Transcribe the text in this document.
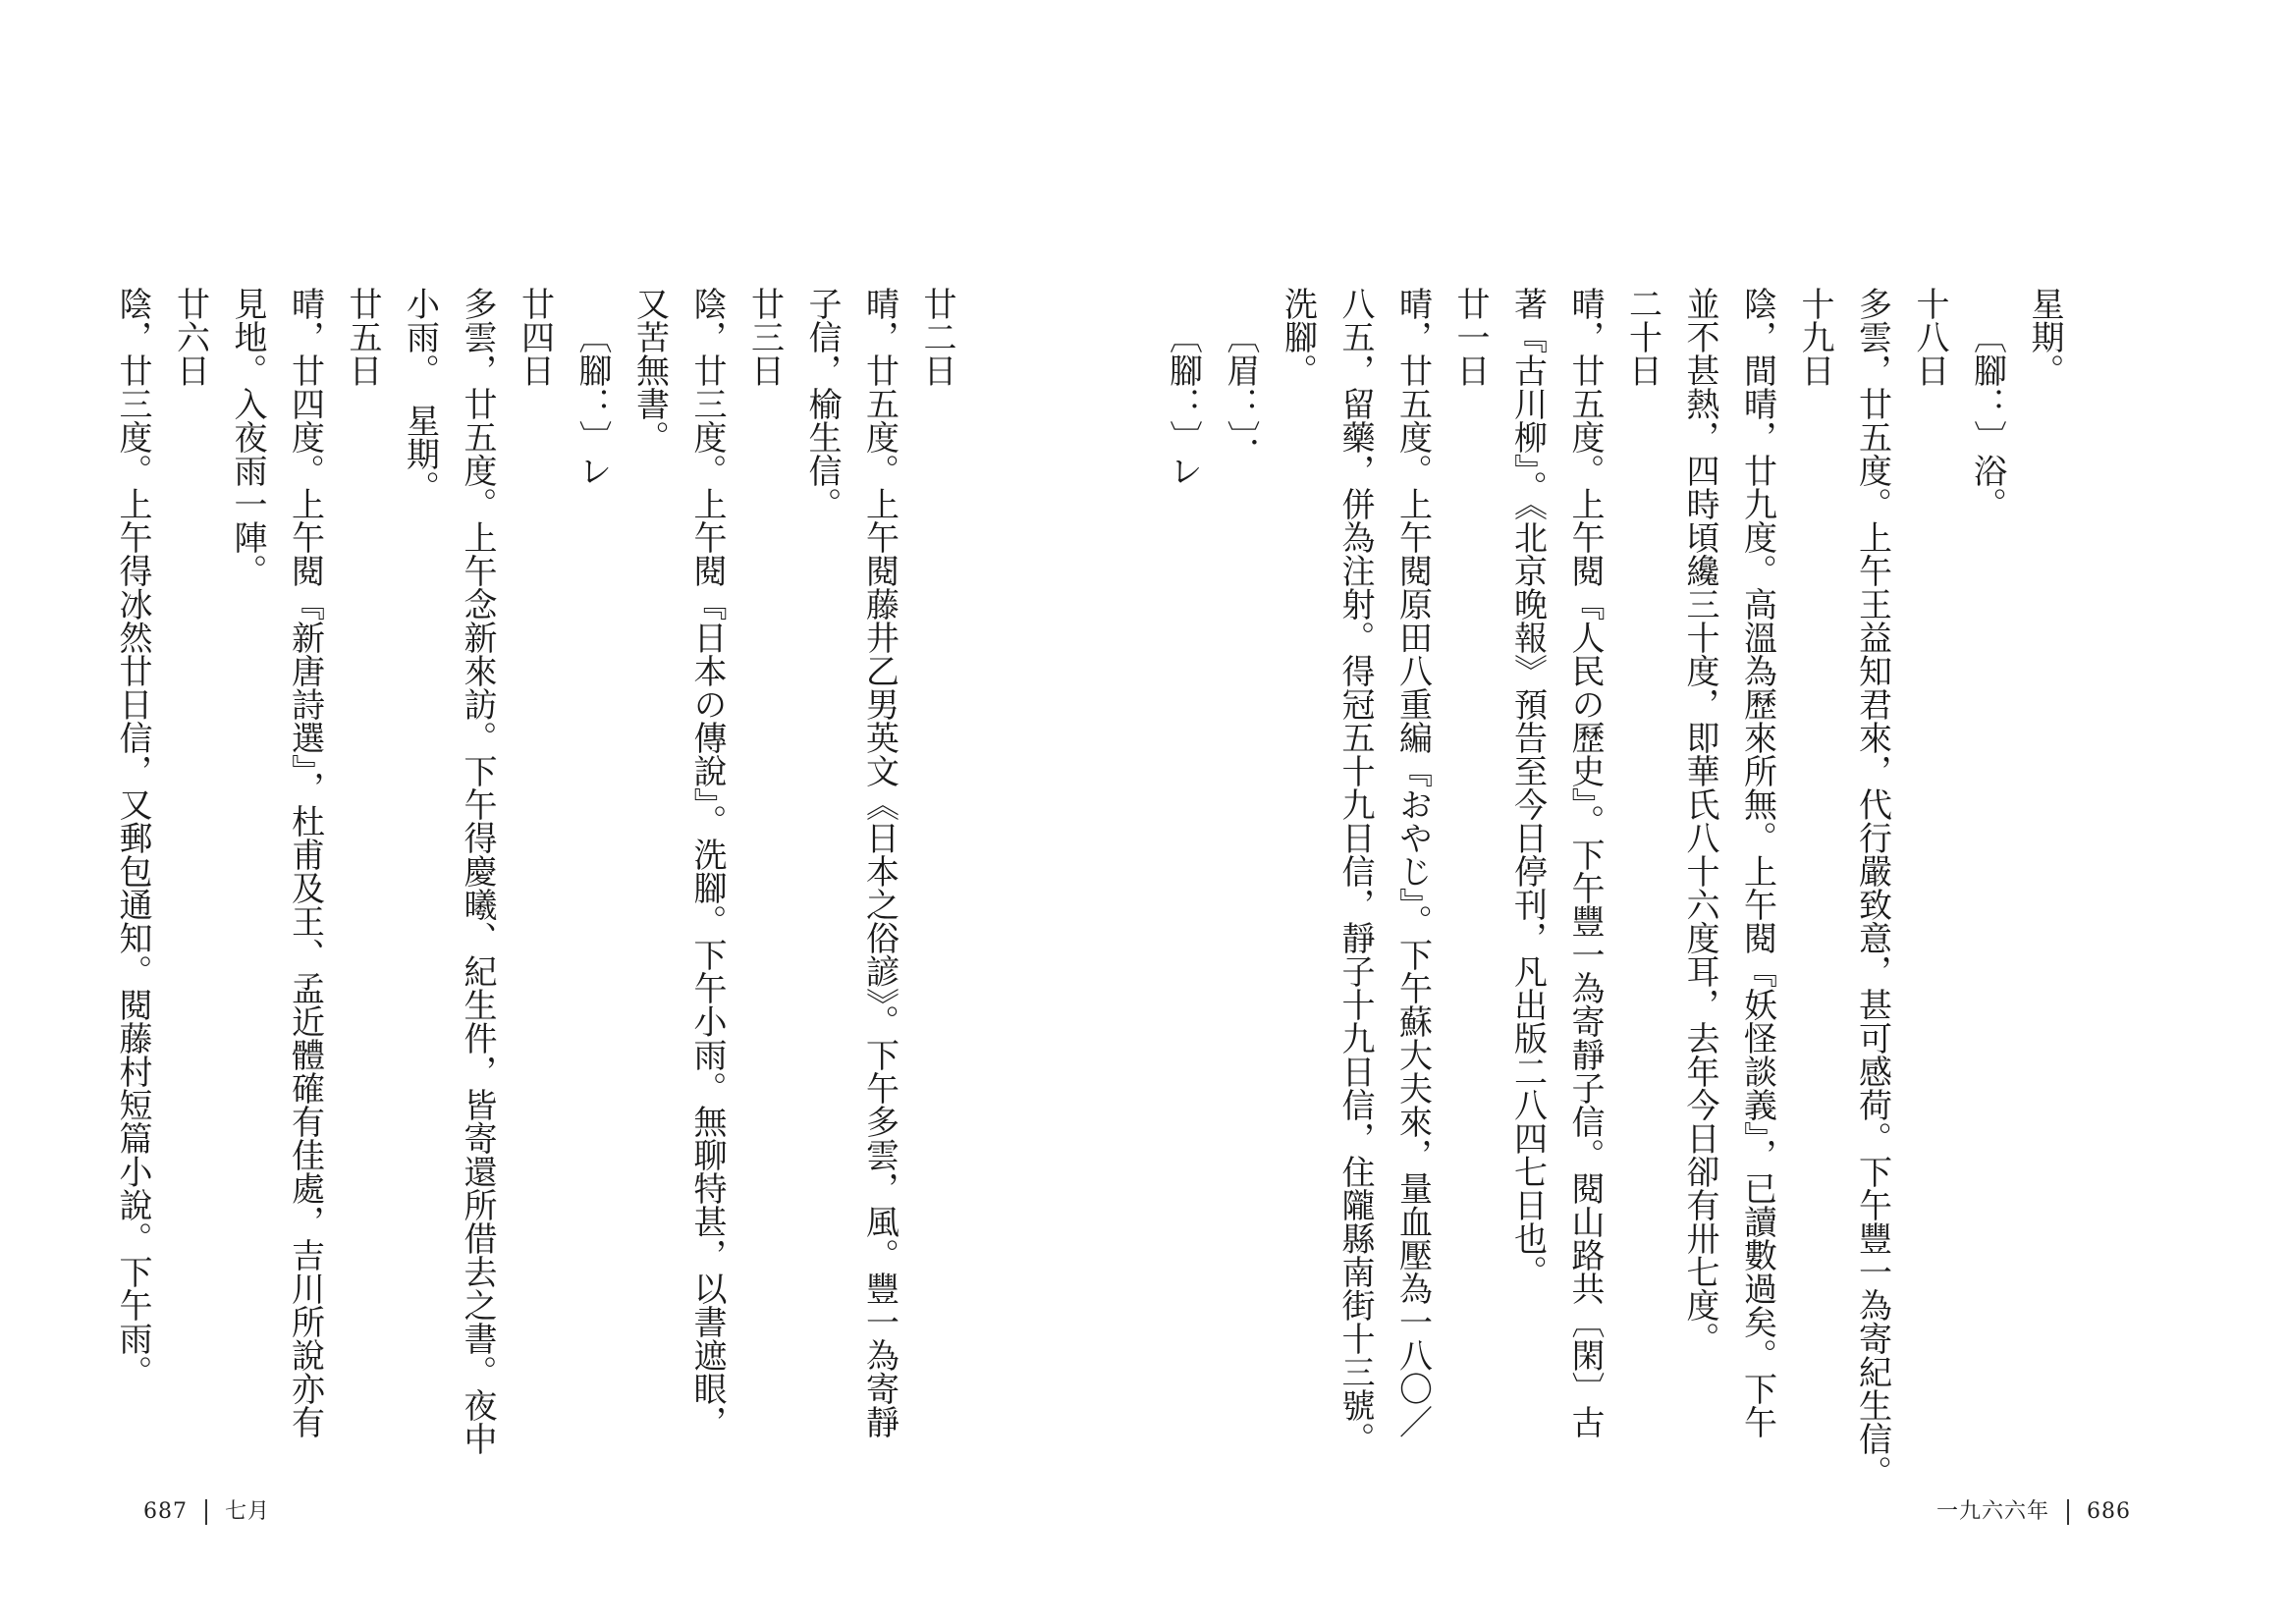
星期。
〔腳：〕浴。
十八日
多雲，廿五度。上午王益知君來，代行嚴致意，甚可感荷。下午豐一為寄紀生信。
十九日
陰，間晴，廿九度。高溫為歷來所無。上午閱『妖怪談義』，已讀數過矣。下午
並不甚熱，四時頃纔三十度，即華氏八十六度耳，去年今日卻有卅七度。
二十日
晴，廿五度。上午閱『人民の歷史』。下午豐一為寄靜子信。閱山路共〔閑〕古
著『古川柳』。《北京晚報》預告至今日停刊，凡出版二八四七日也。
廿一日
晴，廿五度。上午閱原田八重編『おやじ』。下午蘇大夫來，量血壓為一八〇／
八五，留藥，併為注射。得冠五十九日信，靜子十九日信，住隴縣南街十三號。
洗腳。
〔眉：〕．
〔腳：〕レ
一九六六年 686
廿二日
晴，廿五度。上午閱藤井乙男英文《日本之俗諺》。下午多雲，風。豐一為寄靜
子信，榆生信。
廿三日
陰，廿三度。上午閱『日本の傳說』。洗腳。下午小雨。無聊特甚，以書遮眼，
又苦無書。
〔腳：〕レ
廿四日
多雲，廿五度。上午念新來訪。下午得慶曦、紀生件，皆寄還所借去之書。夜中
小雨。　星期。
廿五日
晴，廿四度。上午閱『新唐詩選』，杜甫及王、孟近體確有佳處，吉川所說亦有
見地。入夜雨一陣。
廿六日
陰，廿三度。上午得冰然廿日信，又郵包通知。閱藤村短篇小說。下午雨。
687 七月
